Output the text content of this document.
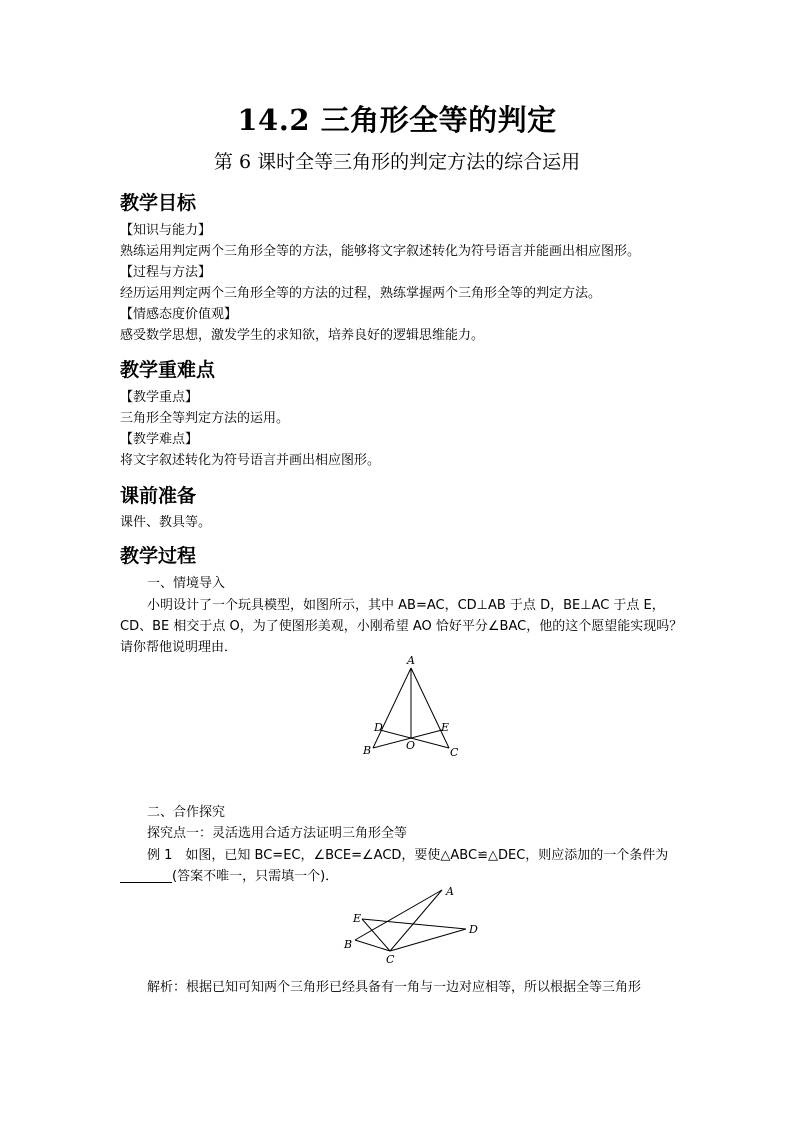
14.2 三角形全等的判定
第 6 课时全等三角形的判定方法的综合运用
教学目标
【知识与能力】
熟练运用判定两个三角形全等的方法，能够将文字叙述转化为符号语言并能画出相应图形。
【过程与方法】
经历运用判定两个三角形全等的方法的过程，熟练掌握两个三角形全等的判定方法。
【情感态度价值观】
感受数学思想，激发学生的求知欲，培养良好的逻辑思维能力。
教学重难点
【教学重点】
三角形全等判定方法的运用。
【教学难点】
将文字叙述转化为符号语言并画出相应图形。
课前准备
课件、教具等。
教学过程
一、情境导入
小明设计了一个玩具模型，如图所示，其中 AB=AC，CD⊥AB 于点 D，BE⊥AC 于点 E，
CD、BE 相交于点 O，为了使图形美观，小刚希望 AO 恰好平分∠BAC，他的这个愿望能实现吗？
请你帮他说明理由．
A
B	C
D	E
O
二、合作探究
探究点一：灵活选用合适方法证明三角形全等
例 1　如图，已知 BC=EC，∠BCE=∠ACD，要使△ABC≌△DEC，则应添加的一个条件为
(答案不唯一，只需填一个)．
A
B
C
D
E
解析：根据已知可知两个三角形已经具备有一角与一边对应相等，所以根据全等三角形
